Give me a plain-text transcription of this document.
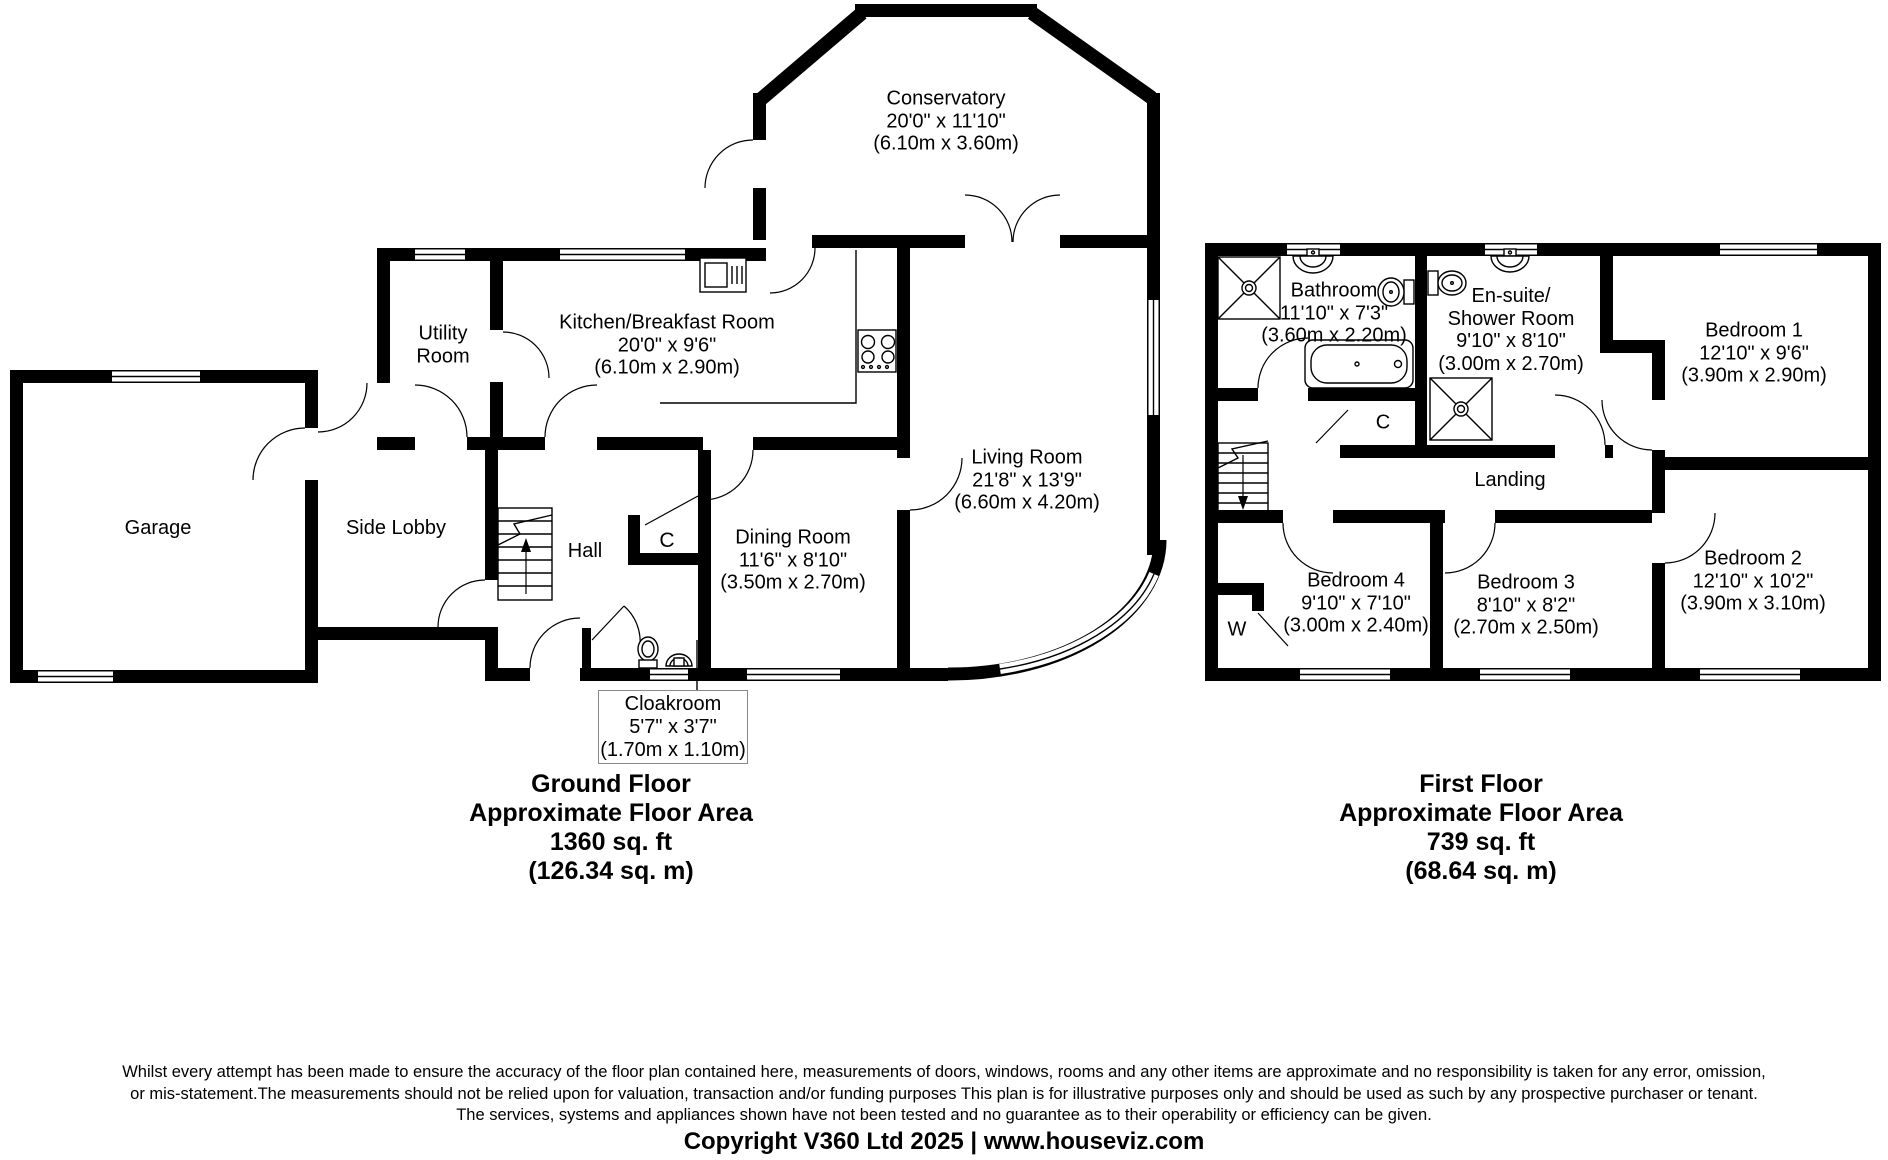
Conservatory
20'0" x 11'10"
(6.10m x 3.60m)
Kitchen/Breakfast Room
20'0" x 9'6"
(6.10m x 2.90m)
Utility
Room
Garage	Side Lobby
Hall	C	Dining Room
11'6" x 8'10"
(3.50m x 2.70m)
Living Room
21'8" x 13'9"
(6.60m x 4.20m)
Cloakroom
5'7" x 3'7"
(1.70m x 1.10m)
Ground Floor
Approximate Floor Area
1360 sq. ft
(126.34 sq. m)
Bathroom
11'10" x 7'3"
(3.60m x 2.20m)
En-suite/
Shower Room
9'10" x 8'10"
(3.00m x 2.70m)
Bedroom 1
12'10" x 9'6"
(3.90m x 2.90m)
Bedroom 2
12'10" x 10'2"
(3.90m x 3.10m)
Bedroom 3
8'10" x 8'2"
(2.70m x 2.50m)
Bedroom 4
9'10" x 7'10"
(3.00m x 2.40m)
Landing
C
W
First Floor
Approximate Floor Area
739 sq. ft
(68.64 sq. m)
Whilst every attempt has been made to ensure the accuracy of the floor plan contained here, measurements of doors, windows, rooms and any other items are approximate and no responsibility is taken for any error, omission,
or mis-statement.The measurements should not be relied upon for valuation, transaction and/or funding purposes This plan is for illustrative purposes only and should be used as such by any prospective purchaser or tenant.
The services, systems and appliances shown have not been tested and no guarantee as to their operability or efficiency can be given.
Copyright V360 Ltd 2025 | www.houseviz.com
